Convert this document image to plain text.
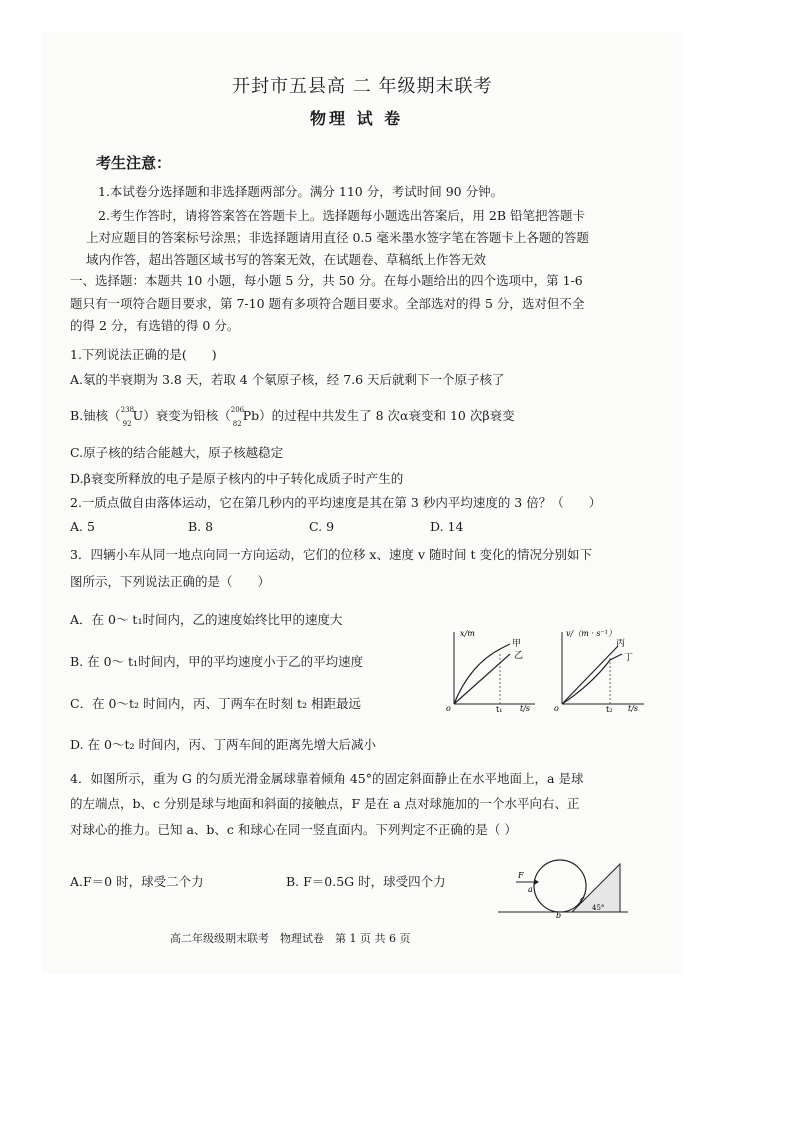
开封市五县高 二 年级期末联考
物理 试 卷
考生注意：
1.本试卷分选择题和非选择题两部分。满分 110 分，考试时间 90 分钟。
2.考生作答时，请将答案答在答题卡上。选择题每小题选出答案后，用 2B 铅笔把答题卡
上对应题目的答案标号涂黑；非选择题请用直径 0.5 毫米墨水签字笔在答题卡上各题的答题
域内作答，超出答题区域书写的答案无效，在试题卷、草稿纸上作答无效
一、选择题：本题共 10 小题，每小题 5 分，共 50 分。在每小题给出的四个选项中，第 1-6
题只有一项符合题目要求，第 7-10 题有多项符合题目要求。全部选对的得 5 分，选对但不全
的得 2 分，有选错的得 0 分。
1.下列说法正确的是(　　)
A.氡的半衰期为 3.8 天，若取 4 个氡原子核，经 7.6 天后就剩下一个原子核了
B.铀核（ 238
92
U）衰变为铅核（ 206
82
Pb）的过程中共发生了 8 次α衰变和 10 次β衰变
C.原子核的结合能越大，原子核越稳定
D.β衰变所释放的电子是原子核内的中子转化成质子时产生的
2.一质点做自由落体运动，它在第几秒内的平均速度是其在第 3 秒内平均速度的 3 倍？（　　）
A. 5	B. 8	C. 9	D. 14
3．四辆小车从同一地点向同一方向运动，它们的位移 x、速度 v 随时间 t 变化的情况分别如下
图所示，下列说法正确的是（　　）
A．在 0～ t₁时间内，乙的速度始终比甲的速度大
B. 在 0～ t₁时间内，甲的平均速度小于乙的平均速度
C．在 0～t₂ 时间内，丙、丁两车在时刻 t₂ 相距最远
D. 在 0～t₂ 时间内，丙、丁两车间的距离先增大后减小
x/m
t/s
o	t₁
甲
乙
v/（m · s⁻¹）
t/s
o	t₂
丙
丁
4．如图所示，重为 G 的匀质光滑金属球靠着倾角 45°的固定斜面静止在水平地面上，a 是球
的左端点，b、c 分别是球与地面和斜面的接触点，F 是在 a 点对球施加的一个水平向右、正
对球心的推力。已知 a、b、c 和球心在同一竖直面内。下列判定不正确的是（ ）
A.F＝0 时，球受二个力	B. F＝0.5G 时，球受四个力	F
a
b
c
45°
高二年级级期末联考　物理试卷　第 1 页 共 6 页
